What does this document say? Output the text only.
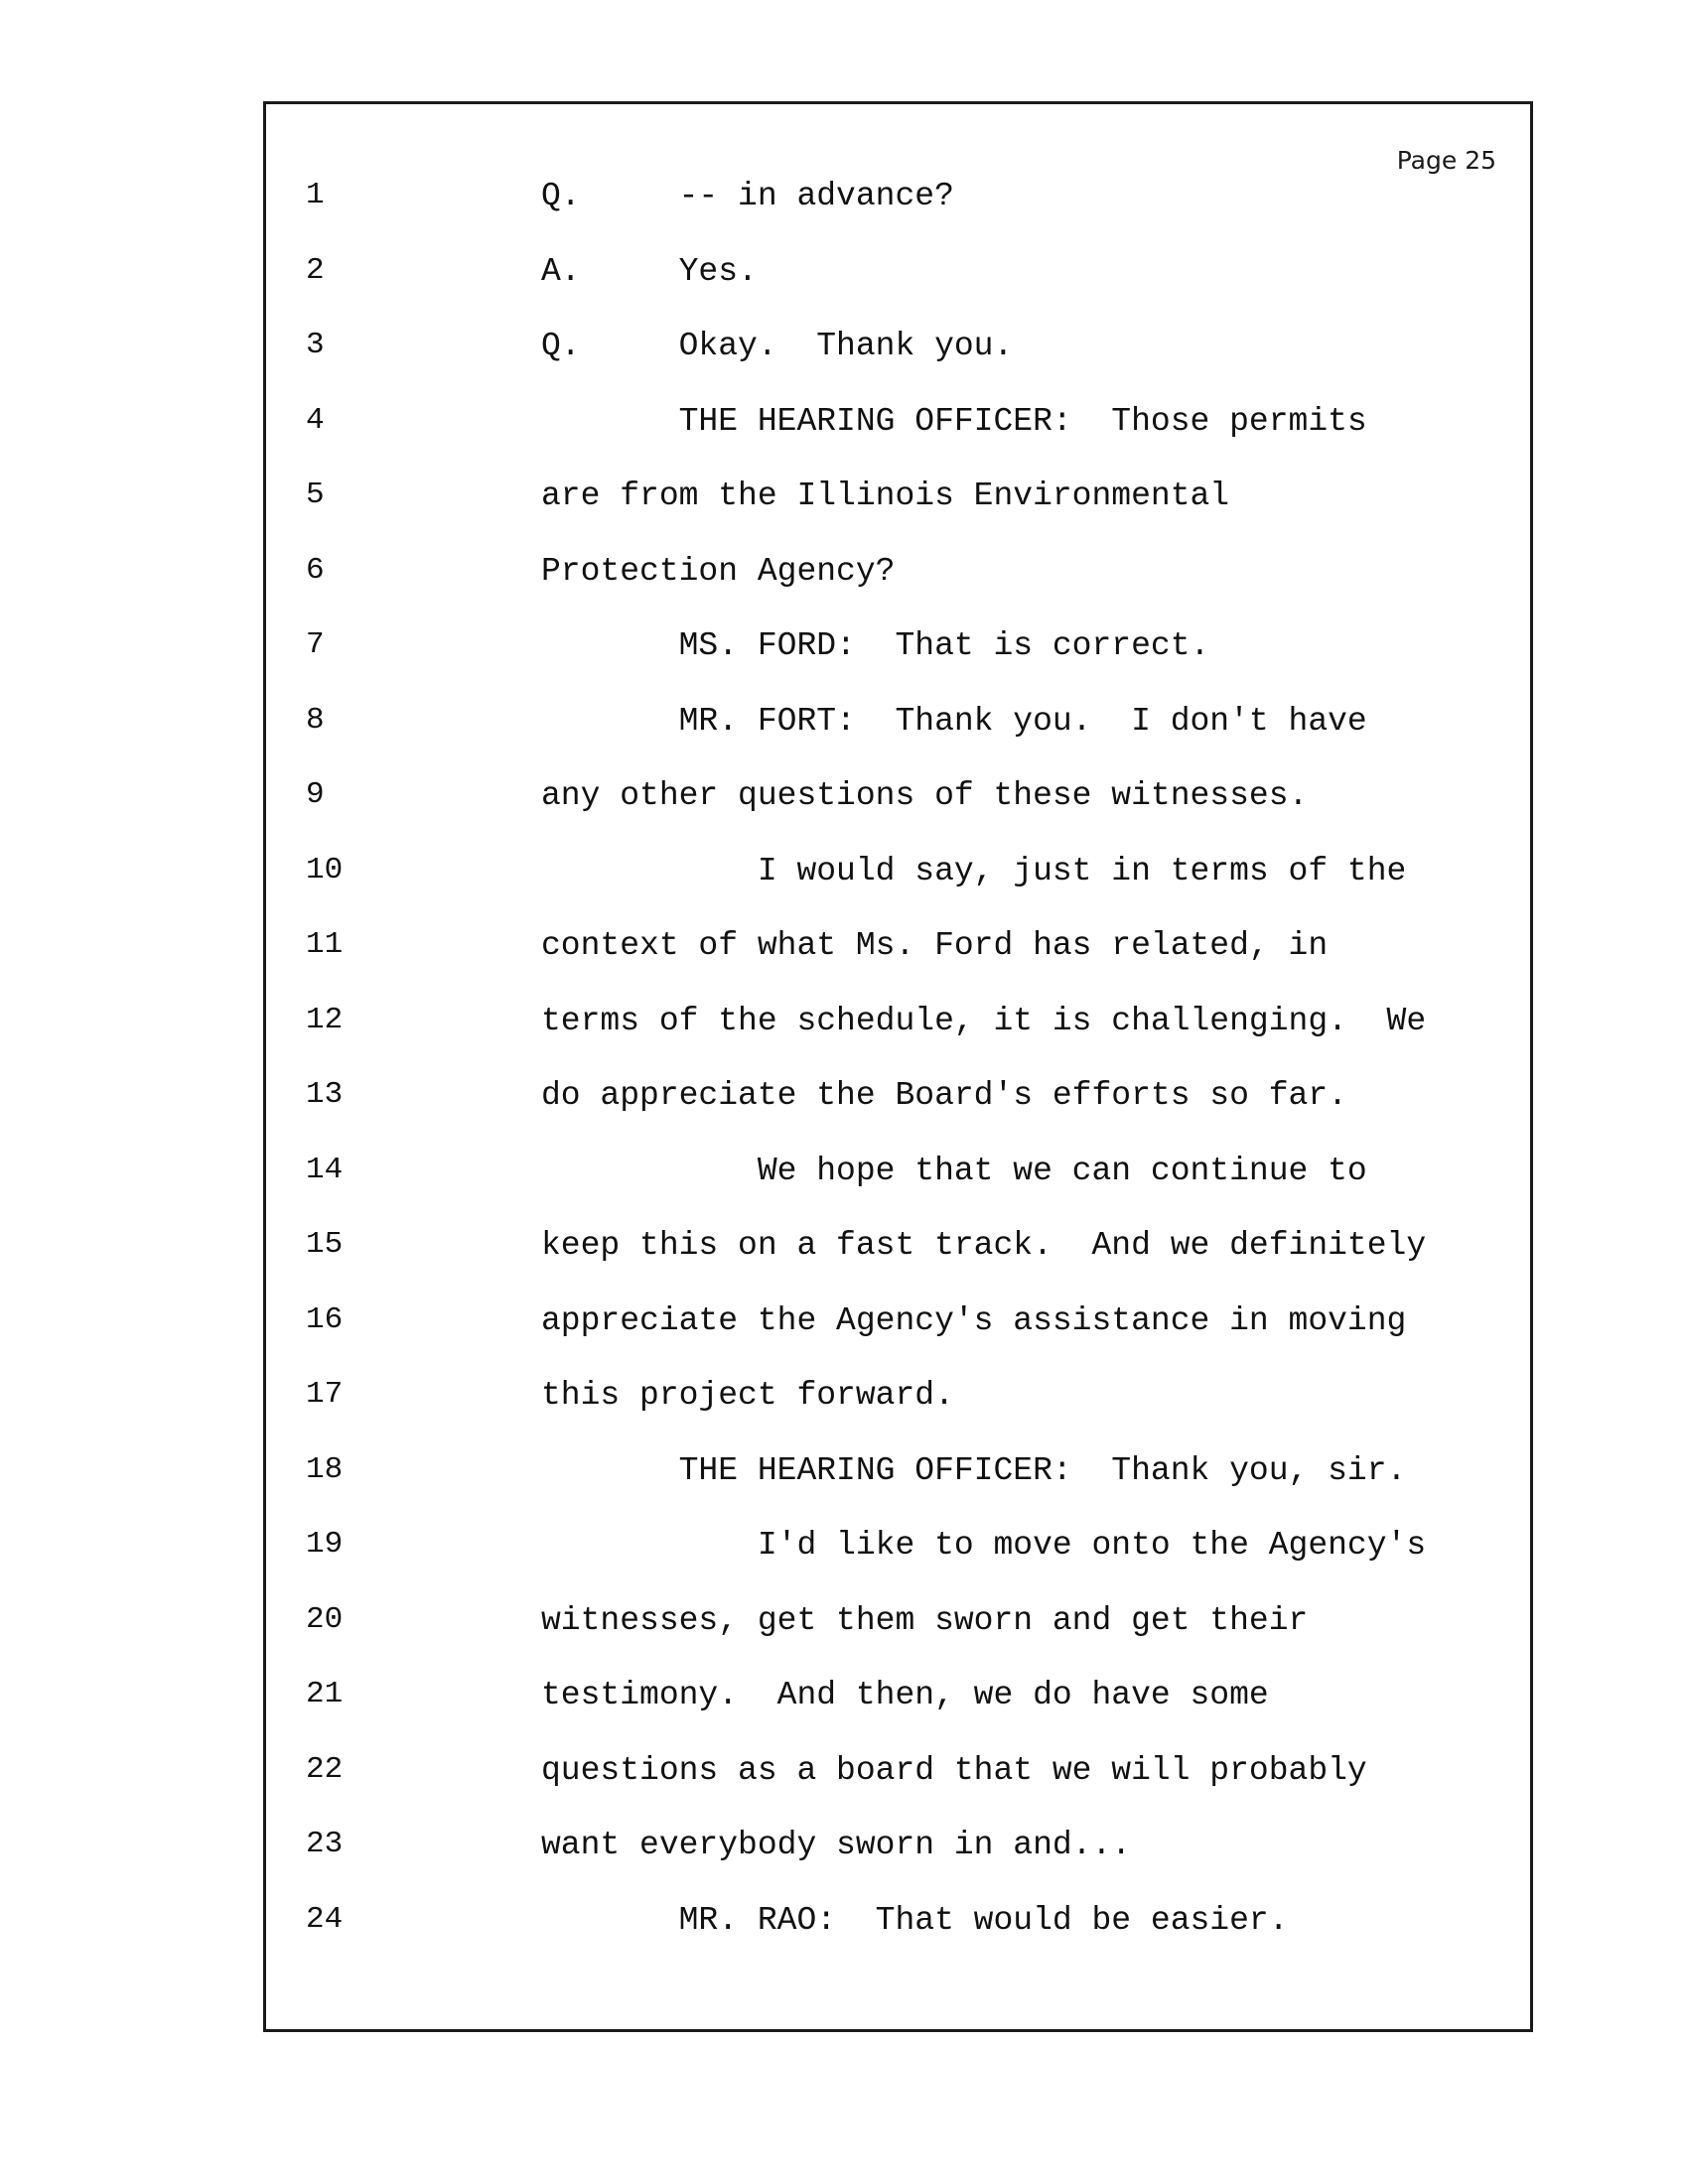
Page 25
1	Q.     -- in advance?
2	A.     Yes.
3	Q.     Okay.  Thank you.
4	THE HEARING OFFICER:  Those permits
5	are from the Illinois Environmental
6	Protection Agency?
7	MS. FORD:  That is correct.
8	MR. FORT:  Thank you.  I don't have
9	any other questions of these witnesses.
10	I would say, just in terms of the
11	context of what Ms. Ford has related, in
12	terms of the schedule, it is challenging.  We
13	do appreciate the Board's efforts so far.
14	We hope that we can continue to
15	keep this on a fast track.  And we definitely
16	appreciate the Agency's assistance in moving
17	this project forward.
18	THE HEARING OFFICER:  Thank you, sir.
19	I'd like to move onto the Agency's
20	witnesses, get them sworn and get their
21	testimony.  And then, we do have some
22	questions as a board that we will probably
23	want everybody sworn in and...
24	MR. RAO:  That would be easier.
